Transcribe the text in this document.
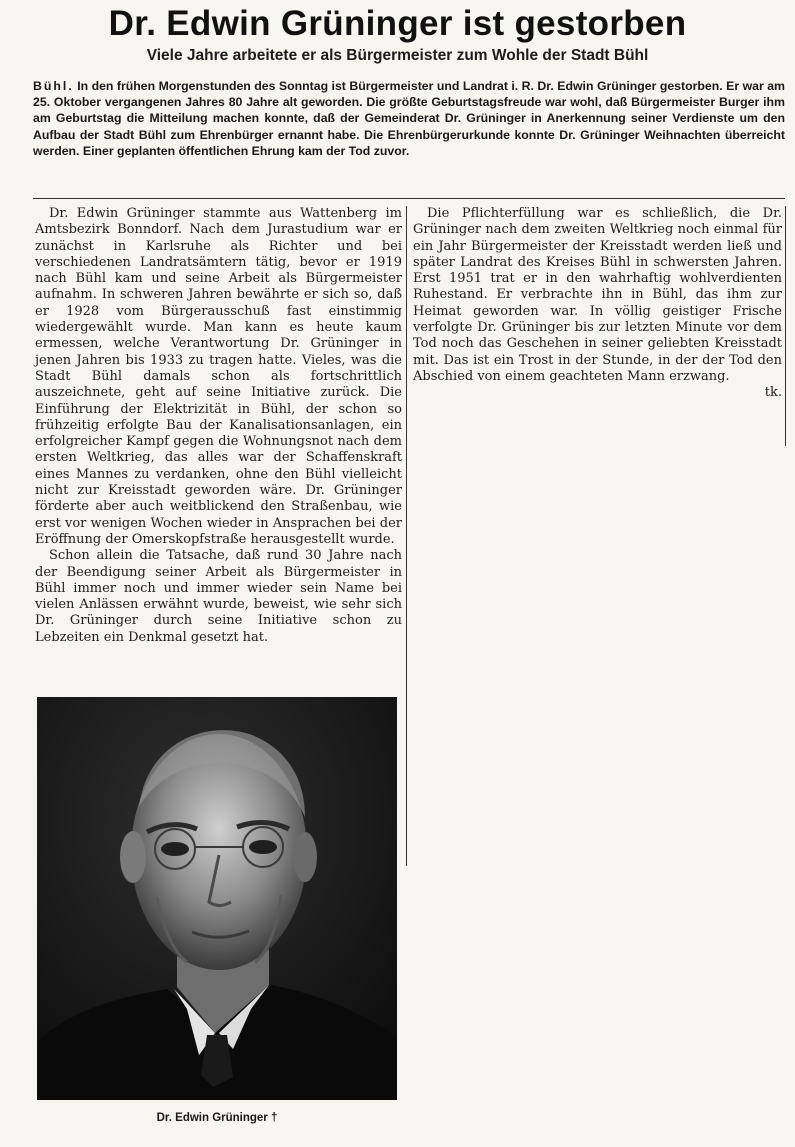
Dr. Edwin Grüninger ist gestorben
Viele Jahre arbeitete er als Bürgermeister zum Wohle der Stadt Bühl
Bühl. In den frühen Morgenstunden des Sonntag ist Bürgermeister und Landrat i. R. Dr. Edwin Grüninger gestorben. Er war am 25. Oktober vergangenen Jahres 80 Jahre alt geworden. Die größte Geburtstagsfreude war wohl, daß Bürgermeister Burger ihm am Geburtstag die Mitteilung machen konnte, daß der Gemeinderat Dr. Grüninger in Anerkennung seiner Verdienste um den Aufbau der Stadt Bühl zum Ehrenbürger ernannt habe. Die Ehrenbürgerurkunde konnte Dr. Grüninger Weihnachten überreicht werden. Einer geplanten öffentlichen Ehrung kam der Tod zuvor.

Dr. Edwin Grüninger stammte aus Wattenberg im Amtsbezirk Bonndorf. Nach dem Jurastudium war er zunächst in Karlsruhe als Richter und bei verschiedenen Landratsämtern tätig, bevor er 1919 nach Bühl kam und seine Arbeit als Bürgermeister aufnahm. In schweren Jahren bewährte er sich so, daß er 1928 vom Bürgerausschuß fast einstimmig wiedergewählt wurde. Man kann es heute kaum ermessen, welche Verantwortung Dr. Grüninger in jenen Jahren bis 1933 zu tragen hatte. Vieles, was die Stadt Bühl damals schon als fortschrittlich auszeichnete, geht auf seine Initiative zurück. Die Einführung der Elektrizität in Bühl, der schon so frühzeitig erfolgte Bau der Kanalisationsanlagen, ein erfolgreicher Kampf gegen die Wohnungsnot nach dem ersten Weltkrieg, das alles war der Schaffenskraft eines Mannes zu verdanken, ohne den Bühl vielleicht nicht zur Kreisstadt geworden wäre. Dr. Grüninger förderte aber auch weitblickend den Straßenbau, wie erst vor wenigen Wochen wieder in Ansprachen bei der Eröffnung der Omerskopfstraße herausgestellt wurde.

Schon allein die Tatsache, daß rund 30 Jahre nach der Beendigung seiner Arbeit als Bürgermeister in Bühl immer noch und immer wieder sein Name bei vielen Anlässen erwähnt wurde, beweist, wie sehr sich Dr. Grüninger durch seine Initiative schon zu Lebzeiten ein Denkmal gesetzt hat.

Die Pflichterfüllung war es schließlich, die Dr. Grüninger nach dem zweiten Weltkrieg noch einmal für ein Jahr Bürgermeister der Kreisstadt werden ließ und später Landrat des Kreises Bühl in schwersten Jahren. Erst 1951 trat er in den wahrhaftig wohlverdienten Ruhestand. Er verbrachte ihn in Bühl, das ihm zur Heimat geworden war. In völlig geistiger Frische verfolgte Dr. Grüninger bis zur letzten Minute vor dem Tod noch das Geschehen in seiner geliebten Kreisstadt mit. Das ist ein Trost in der Stunde, in der der Tod den Abschied von einem geachteten Mann erzwang.

tk.
Dr. Edwin Grüninger †
